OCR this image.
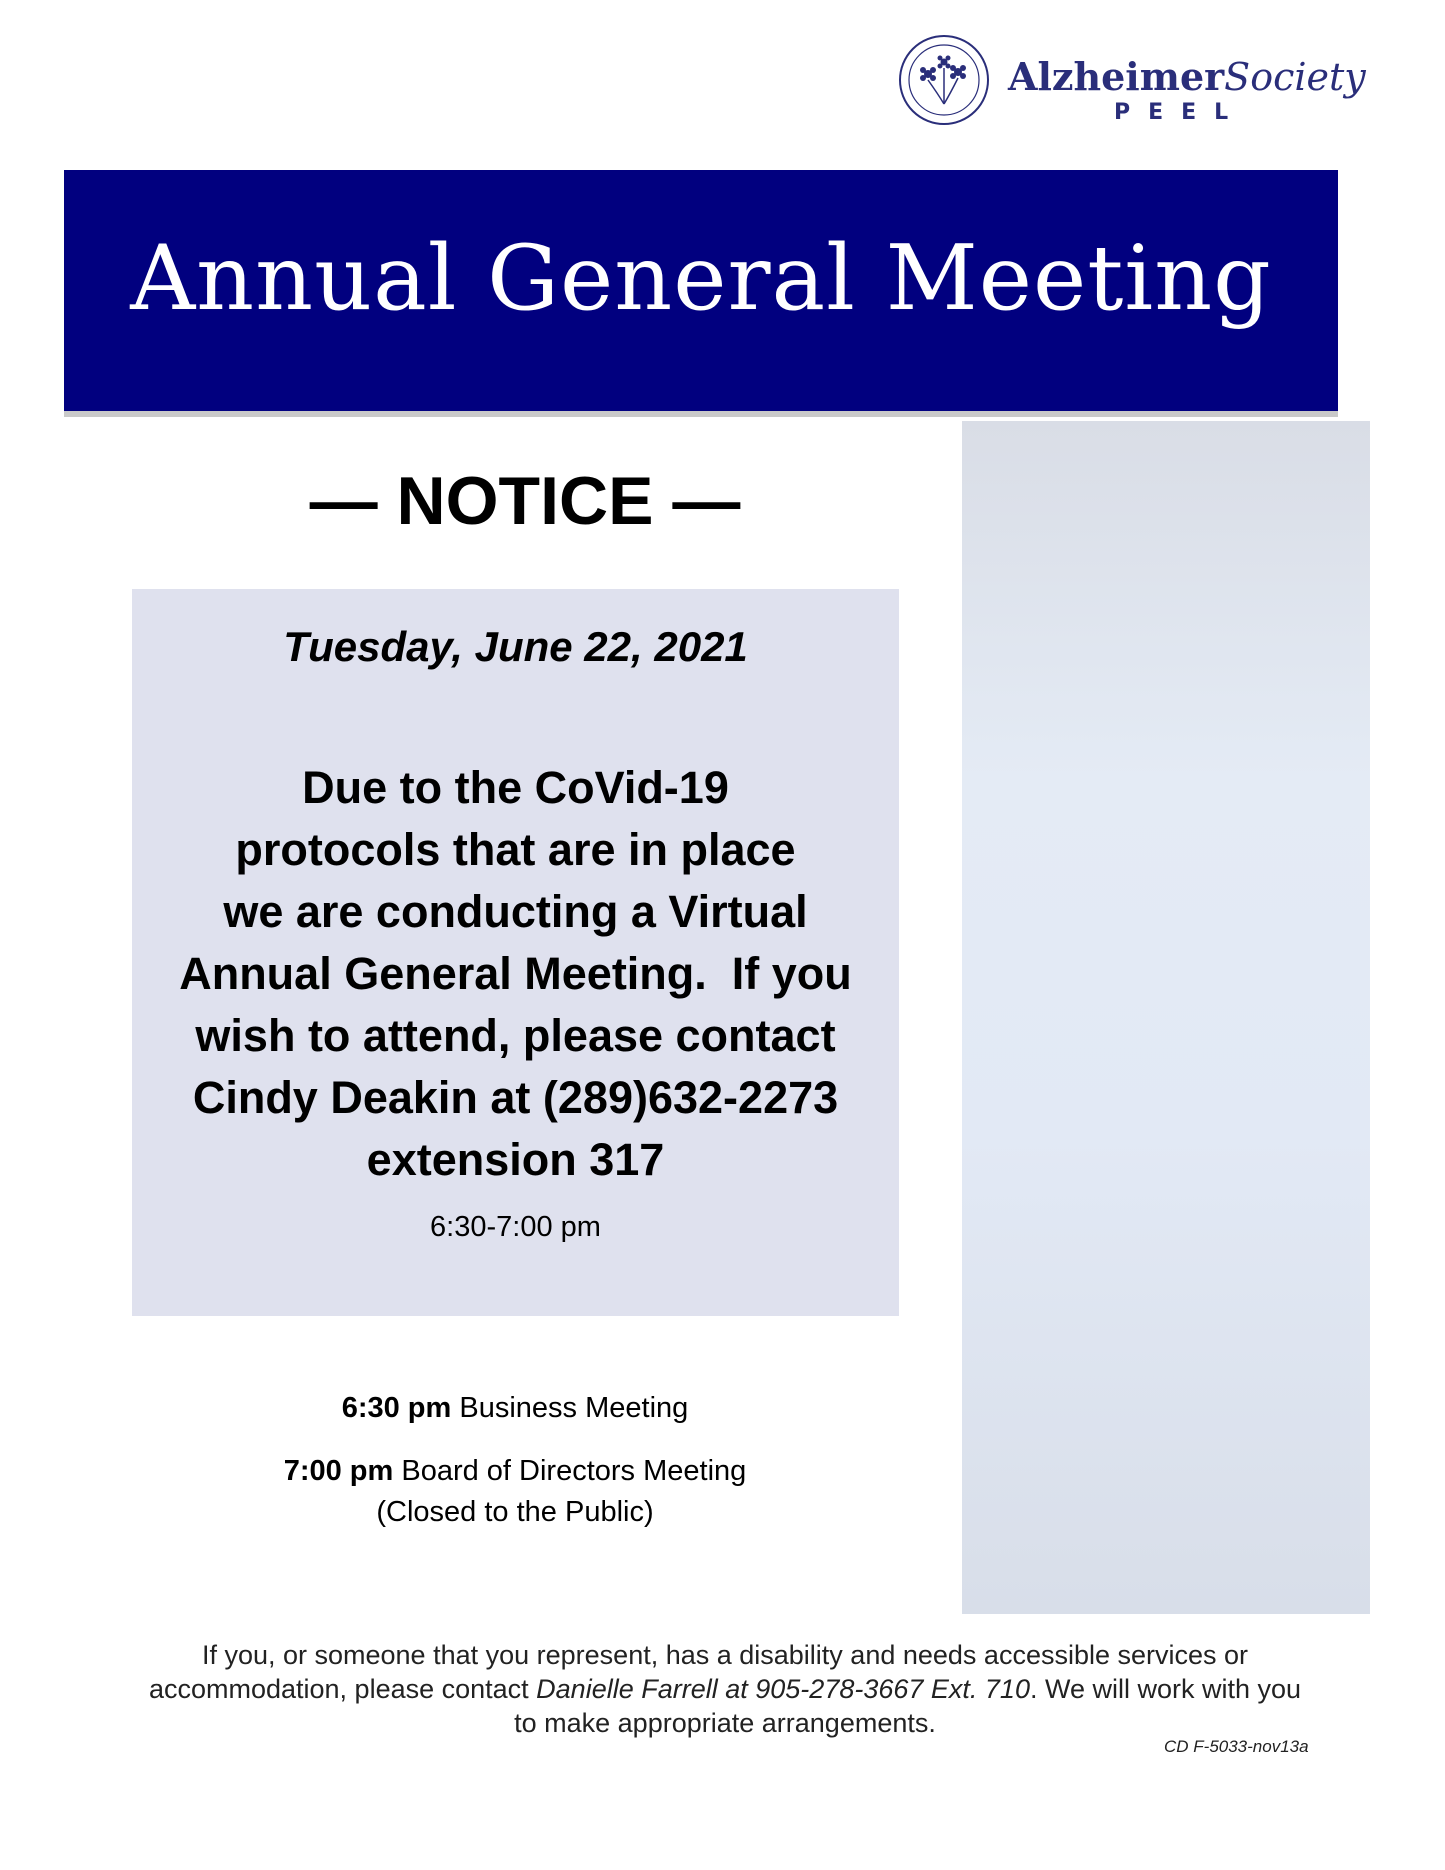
AlzheimerSociety
PEEL
Annual General Meeting
— NOTICE —
Tuesday, June 22, 2021
Due to the CoVid-19
protocols that are in place
we are conducting a Virtual
Annual General Meeting.  If you
wish to attend, please contact
Cindy Deakin at (289)632-2273
extension 317
6:30-7:00 pm
6:30 pm Business Meeting
7:00 pm Board of Directors Meeting
(Closed to the Public)
If you, or someone that you represent, has a disability and needs accessible services or accommodation, please contact Danielle Farrell at 905-278-3667 Ext. 710. We will work with you to make appropriate arrangements.
CD F-5033-nov13a
